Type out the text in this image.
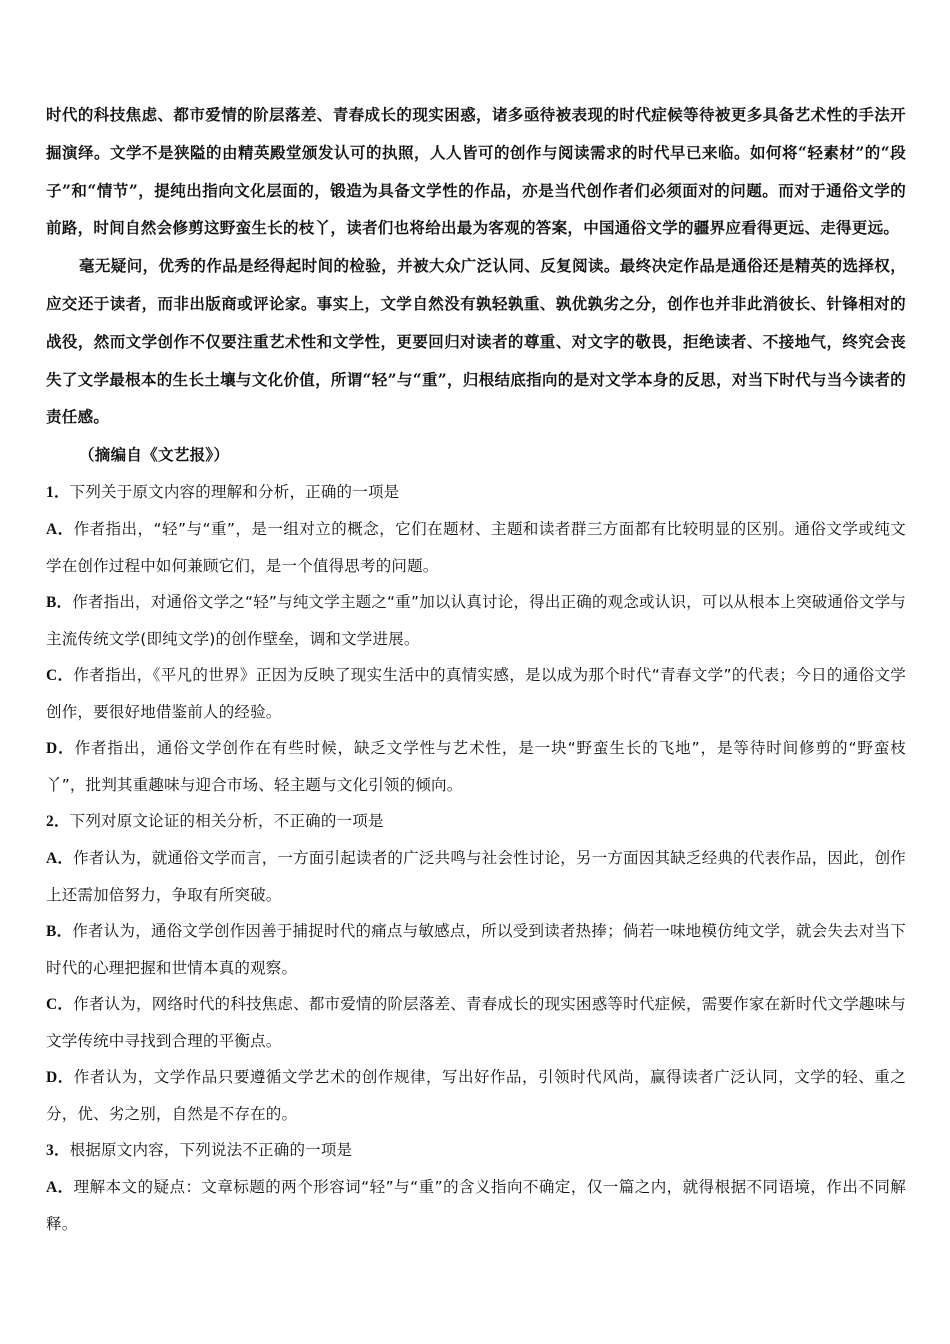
时代的科技焦虑、都市爱情的阶层落差、青春成长的现实困惑，诸多亟待被表现的时代症候等待被更多具备艺术性的手法开掘演绎。文学不是狭隘的由精英殿堂颁发认可的执照，人人皆可的创作与阅读需求的时代早已来临。如何将“轻素材”的“段子”和“情节”，提纯出指向文化层面的，锻造为具备文学性的作品，亦是当代创作者们必须面对的问题。而对于通俗文学的前路，时间自然会修剪这野蛮生长的枝丫，读者们也将给出最为客观的答案，中国通俗文学的疆界应看得更远、走得更远。

毫无疑问，优秀的作品是经得起时间的检验，并被大众广泛认同、反复阅读。最终决定作品是通俗还是精英的选择权，应交还于读者，而非出版商或评论家。事实上，文学自然没有孰轻孰重、孰优孰劣之分，创作也并非此消彼长、针锋相对的战役，然而文学创作不仅要注重艺术性和文学性，更要回归对读者的尊重、对文字的敬畏，拒绝读者、不接地气，终究会丧失了文学最根本的生长土壤与文化价值，所谓“轻”与“重”，归根结底指向的是对文学本身的反思，对当下时代与当今读者的责任感。

（摘编自《文艺报》）

1．下列关于原文内容的理解和分析，正确的一项是

A．作者指出，“轻”与“重”，是一组对立的概念，它们在题材、主题和读者群三方面都有比较明显的区别。通俗文学或纯文学在创作过程中如何兼顾它们，是一个值得思考的问题。

B．作者指出，对通俗文学之“轻”与纯文学主题之“重”加以认真讨论，得出正确的观念或认识，可以从根本上突破通俗文学与主流传统文学(即纯文学)的创作壁垒，调和文学进展。

C．作者指出，《平凡的世界》正因为反映了现实生活中的真情实感，是以成为那个时代“青春文学”的代表；今日的通俗文学创作，要很好地借鉴前人的经验。

D．作者指出，通俗文学创作在有些时候，缺乏文学性与艺术性，是一块“野蛮生长的飞地”，是等待时间修剪的“野蛮枝丫”，批判其重趣味与迎合市场、轻主题与文化引领的倾向。

2．下列对原文论证的相关分析，不正确的一项是

A．作者认为，就通俗文学而言，一方面引起读者的广泛共鸣与社会性讨论，另一方面因其缺乏经典的代表作品，因此，创作上还需加倍努力，争取有所突破。

B．作者认为，通俗文学创作因善于捕捉时代的痛点与敏感点，所以受到读者热捧；倘若一味地模仿纯文学，就会失去对当下时代的心理把握和世情本真的观察。

C．作者认为，网络时代的科技焦虑、都市爱情的阶层落差、青春成长的现实困惑等时代症候，需要作家在新时代文学趣味与文学传统中寻找到合理的平衡点。

D．作者认为，文学作品只要遵循文学艺术的创作规律，写出好作品，引领时代风尚，赢得读者广泛认同，文学的轻、重之分，优、劣之别，自然是不存在的。

3．根据原文内容，下列说法不正确的一项是

A．理解本文的疑点：文章标题的两个形容词“轻”与“重”的含义指向不确定，仅一篇之内，就得根据不同语境，作出不同解释。
